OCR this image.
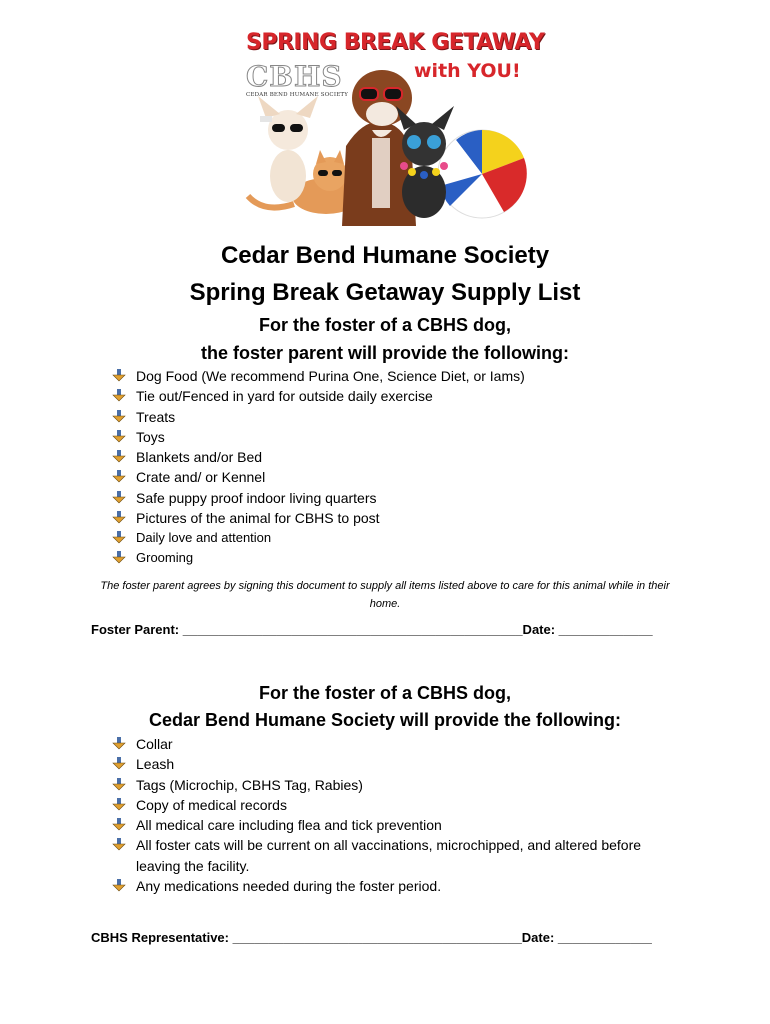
SPRING BREAK GETAWAY
with YOU!
CBHS
CEDAR BEND HUMANE SOCIETY
Cedar Bend Humane Society
Spring Break Getaway Supply List
For the foster of a CBHS dog,
the foster parent will provide the following:
Dog Food (We recommend Purina One, Science Diet, or Iams)
Tie out/Fenced in yard for outside daily exercise
Treats
Toys
Blankets and/or Bed
Crate and/ or Kennel
Safe puppy proof indoor living quarters
Pictures of the animal for CBHS to post
Daily love and attention
Grooming
The foster parent agrees by signing this document to supply all items listed above to care for this animal while in their home.
Foster Parent: _______________________________________________Date: _____________
For the foster of a CBHS dog,
Cedar Bend Humane Society will provide the following:
Collar
Leash
Tags (Microchip, CBHS Tag, Rabies)
Copy of medical records
All medical care including flea and tick prevention
All foster cats will be current on all vaccinations, microchipped, and altered before leaving the facility.
Any medications needed during the foster period.
CBHS Representative: ________________________________________Date: _____________
